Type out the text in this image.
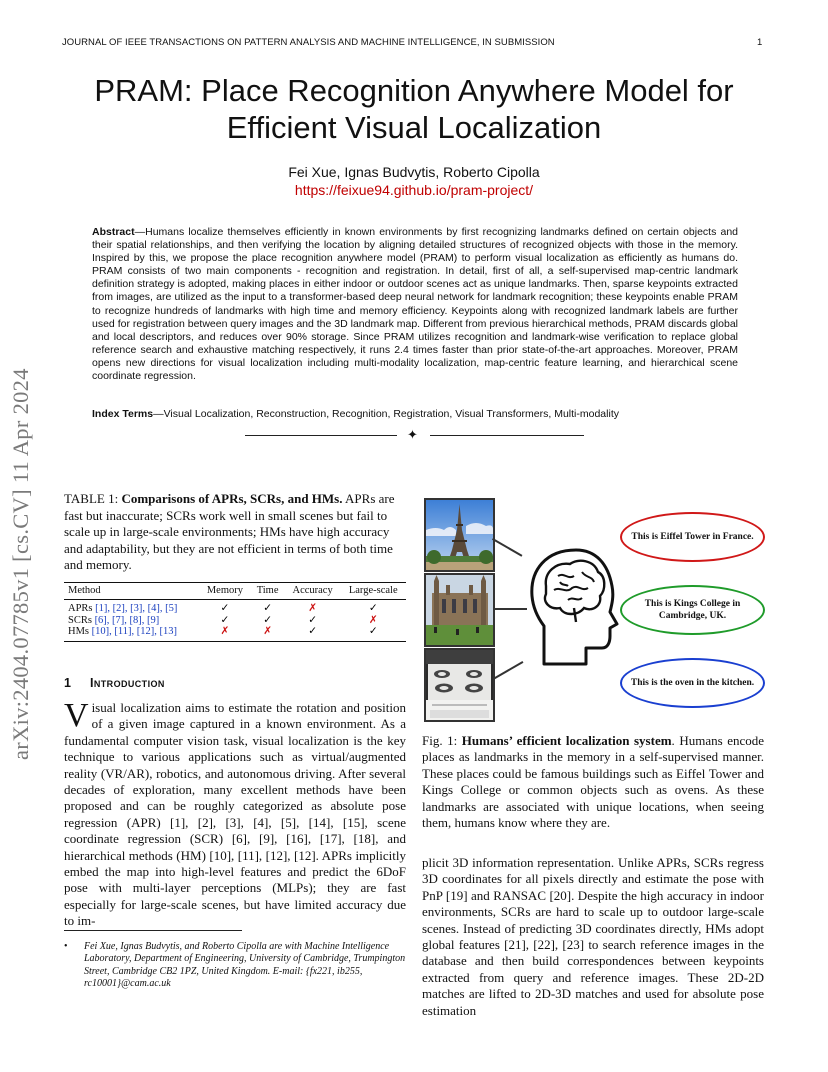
JOURNAL OF IEEE TRANSACTIONS ON PATTERN ANALYSIS AND MACHINE INTELLIGENCE, IN SUBMISSION	1
PRAM: Place Recognition Anywhere Model for
Efficient Visual Localization
Fei Xue, Ignas Budvytis, Roberto Cipolla
https://feixue94.github.io/pram-project/
Abstract—Humans localize themselves efficiently in known environments by first recognizing landmarks defined on certain objects and their spatial relationships, and then verifying the location by aligning detailed structures of recognized objects with those in the memory. Inspired by this, we propose the place recognition anywhere model (PRAM) to perform visual localization as efficiently as humans do. PRAM consists of two main components - recognition and registration. In detail, first of all, a self-supervised map-centric landmark definition strategy is adopted, making places in either indoor or outdoor scenes act as unique landmarks. Then, sparse keypoints extracted from images, are utilized as the input to a transformer-based deep neural network for landmark recognition; these keypoints enable PRAM to recognize hundreds of landmarks with high time and memory efficiency. Keypoints along with recognized landmark labels are further used for registration between query images and the 3D landmark map. Different from previous hierarchical methods, PRAM discards global and local descriptors, and reduces over 90% storage. Since PRAM utilizes recognition and landmark-wise verification to replace global reference search and exhaustive matching respectively, it runs 2.4 times faster than prior state-of-the-art approaches. Moreover, PRAM opens new directions for visual localization including multi-modality localization, map-centric feature learning, and hierarchical scene coordinate regression.
Index Terms—Visual Localization, Reconstruction, Recognition, Registration, Visual Transformers, Multi-modality
✦
arXiv:2404.07785v1 [cs.CV] 11 Apr 2024	TABLE 1: Comparisons of APRs, SCRs, and HMs. APRs are fast but inaccurate; SCRs work well in small scenes but fail to scale up in large-scale environments; HMs have high accuracy and adaptability, but they are not efficient in terms of both time and memory.
Method	Memory	Time	Accuracy	Large-scale
APRs [1], [2], [3], [4], [5]	✓	✓	✗	✓
SCRs [6], [7], [8], [9]	✓	✓	✓	✗
HMs [10], [11], [12], [13]	✗	✗	✓	✓
1 Introduction
Visual localization aims to estimate the rotation and position of a given image captured in a known environment. As a fundamental computer vision task, visual localization is the key technique to various applications such as virtual/augmented reality (VR/AR), robotics, and autonomous driving. After several decades of exploration, many excellent methods have been proposed and can be roughly categorized as absolute pose regression (APR) [1], [2], [3], [4], [5], [14], [15], scene coordinate regression (SCR) [6], [9], [16], [17], [18], and hierarchical methods (HM) [10], [11], [12], [12]. APRs implicitly embed the map into high-level features and predict the 6DoF pose with multi-layer perceptions (MLPs); they are fast especially for large-scale scenes, but have limited accuracy due to im-
• Fei Xue, Ignas Budvytis, and Roberto Cipolla are with Machine Intelligence Laboratory, Department of Engineering, University of Cambridge, Trumpington Street, Cambridge CB2 1PZ, United Kingdom. E-mail: {fx221, ib255, rc10001}@cam.ac.uk
This is Eiffel Tower in France.
This is Kings College in Cambridge, UK.
This is the oven in the kitchen.
Fig. 1: Humans’ efficient localization system. Humans encode places as landmarks in the memory in a self-supervised manner. These places could be famous buildings such as Eiffel Tower and Kings College or common objects such as ovens. As these landmarks are associated with unique locations, when seeing them, humans know where they are.
plicit 3D information representation. Unlike APRs, SCRs regress 3D coordinates for all pixels directly and estimate the pose with PnP [19] and RANSAC [20]. Despite the high accuracy in indoor environments, SCRs are hard to scale up to outdoor large-scale scenes. Instead of predicting 3D coordinates directly, HMs adopt global features [21], [22], [23] to search reference images in the database and then build correspondences between keypoints extracted from query and reference images. These 2D-2D matches are lifted to 2D-3D matches and used for absolute pose estimation
